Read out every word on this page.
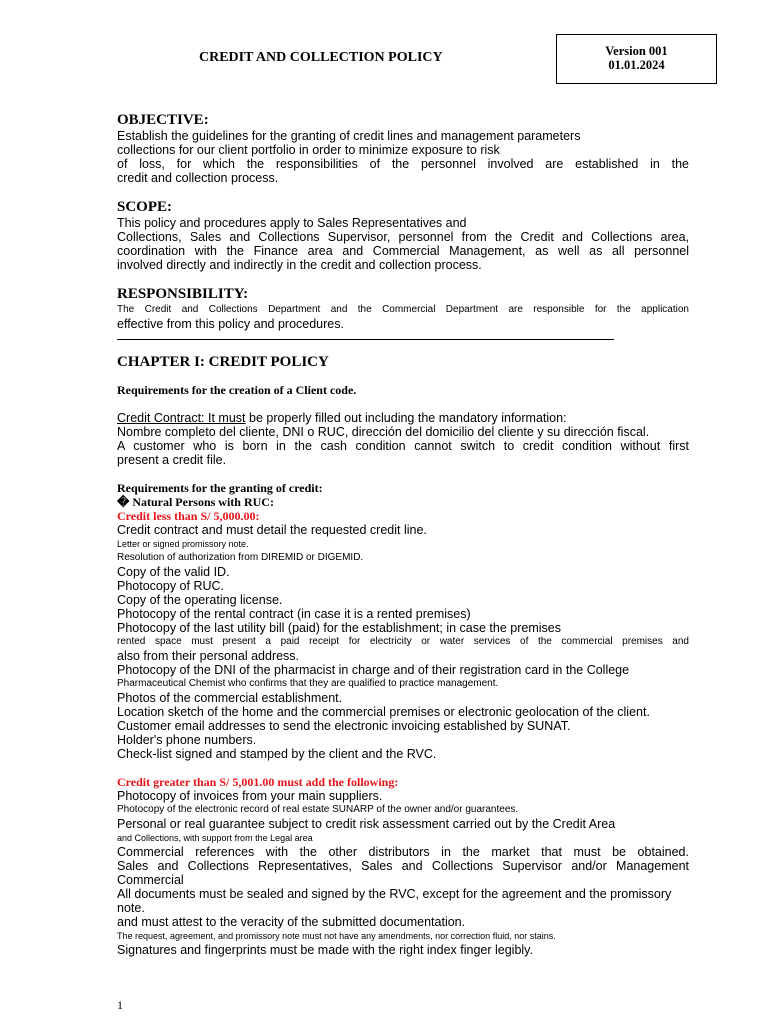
CREDIT AND COLLECTION POLICY	Version 001
01.01.2024
OBJECTIVE:
Establish the guidelines for the granting of credit lines and management parameters
collections for our client portfolio in order to minimize exposure to risk
of loss, for which the responsibilities of the personnel involved are established in the
credit and collection process.
SCOPE:
This policy and procedures apply to Sales Representatives and
Collections, Sales and Collections Supervisor, personnel from the Credit and Collections area,
coordination with the Finance area and Commercial Management, as well as all personnel
involved directly and indirectly in the credit and collection process.
RESPONSIBILITY:
The Credit and Collections Department and the Commercial Department are responsible for the application
effective from this policy and procedures.
CHAPTER I: CREDIT POLICY
Requirements for the creation of a Client code.
Credit Contract: It must be properly filled out including the mandatory information:
Nombre completo del cliente, DNI o RUC, dirección del domicilio del cliente y su dirección fiscal.
A customer who is born in the cash condition cannot switch to credit condition without first
present a credit file.
Requirements for the granting of credit:
� Natural Persons with RUC:
Credit less than S/ 5,000.00:
Credit contract and must detail the requested credit line.
Letter or signed promissory note.
Resolution of authorization from DIREMID or DIGEMID.
Copy of the valid ID.
Photocopy of RUC.
Copy of the operating license.
Photocopy of the rental contract (in case it is a rented premises)
Photocopy of the last utility bill (paid) for the establishment; in case the premises
rented space must present a paid receipt for electricity or water services of the commercial premises and
also from their personal address.
Photocopy of the DNI of the pharmacist in charge and of their registration card in the College
Pharmaceutical Chemist who confirms that they are qualified to practice management.
Photos of the commercial establishment.
Location sketch of the home and the commercial premises or electronic geolocation of the client.
Customer email addresses to send the electronic invoicing established by SUNAT.
Holder's phone numbers.
Check-list signed and stamped by the client and the RVC.
Credit greater than S/ 5,001.00 must add the following:
Photocopy of invoices from your main suppliers.
Photocopy of the electronic record of real estate SUNARP of the owner and/or guarantees.
Personal or real guarantee subject to credit risk assessment carried out by the Credit Area
and Collections, with support from the Legal area
Commercial references with the other distributors in the market that must be obtained.
Sales and Collections Representatives, Sales and Collections Supervisor and/or Management
Commercial
All documents must be sealed and signed by the RVC, except for the agreement and the promissory note.
and must attest to the veracity of the submitted documentation.
The request, agreement, and promissory note must not have any amendments, nor correction fluid, nor stains.
Signatures and fingerprints must be made with the right index finger legibly.
1
